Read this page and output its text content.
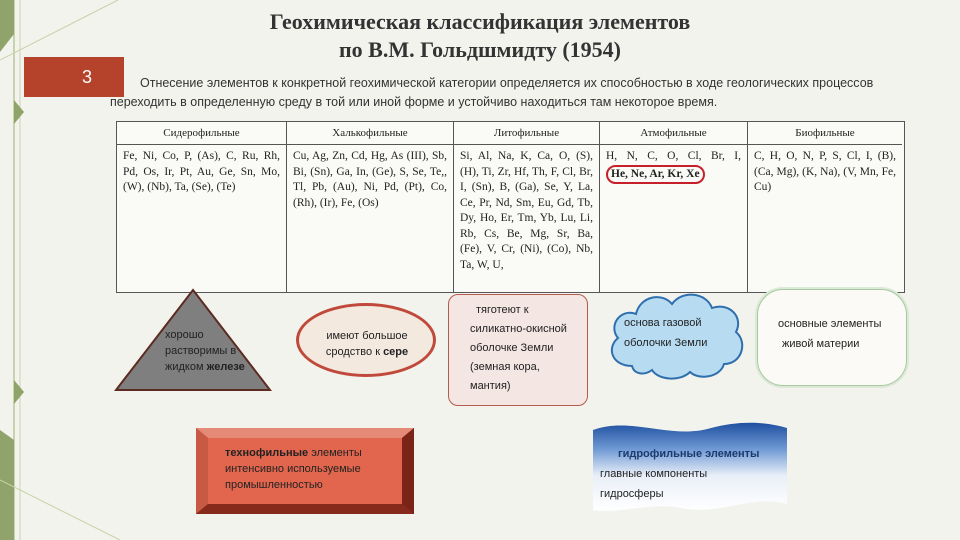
3
Геохимическая классификация элементов
по В.М. Гольдшмидту (1954)
Отнесение элементов к конкретной геохимической категории определяется их способностью в ходе геологических процессов переходить в определенную среду в той или иной форме и устойчиво находиться там некоторое время.
Сидерофильные
Fe, Ni, Co, P, (As), C, Ru, Rh, Pd, Os, Ir, Pt, Au, Ge, Sn, Mo, (W), (Nb), Ta, (Se), (Te)
Халькофильные
Cu, Ag, Zn, Cd, Hg, As (III), Sb, Bi, (Sn), Ga, In, (Ge), S, Se, Te,, Tl, Pb, (Au), Ni, Pd, (Pt), Co, (Rh), (Ir), Fe, (Os)
Литофильные
Si, Al, Na, K, Ca, O, (S), (H), Ti, Zr, Hf, Th, F, Cl, Br, I, (Sn), B, (Ga), Se, Y, La, Ce, Pr, Nd, Sm, Eu, Gd, Tb, Dy, Ho, Er, Tm, Yb, Lu, Li, Rb, Cs, Be, Mg, Sr, Ba, (Fe), V, Cr, (Ni), (Co), Nb, Ta, W, U,
Атмофильные
H, N, C, O, Cl, Br, I, He, Ne, Ar, Kr, Xe
Биофильные
C, H, O, N, P, S, Cl, I, (B), (Ca, Mg), (K, Na), (V, Mn, Fe, Cu)
хорошо
растворимы в
жидком железе
имеют большое
сродство к сере
тяготеют к
силикатно-окисной
оболочке Земли
(земная кора,
мантия)
основа газовой
оболочки Земли
основные элементы
живой материи
технофильные элементы
интенсивно используемые
промышленностью
гидрофильные элементы
главные компоненты
гидросферы
